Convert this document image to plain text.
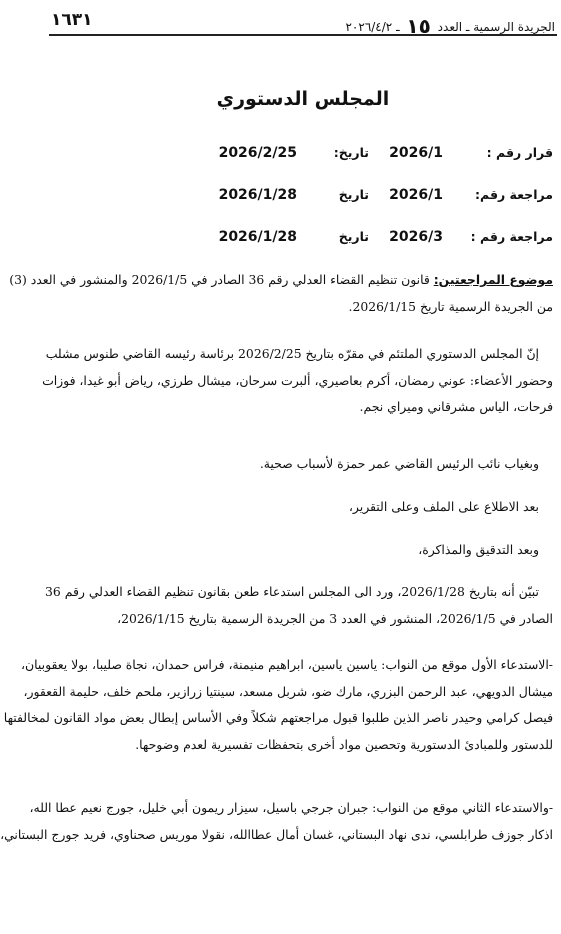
الجريدة الرسمية ـ العدد ١٥ ـ ٢٠٢٦/٤/٢
١٦٣١
المجلس الدستوري
قرار رقم :
2026/1
تاريخ:
2026/2/25
مراجعة رقم:
2026/1
تاريخ
2026/1/28
مراجعة رقم :
2026/3
تاريخ
2026/1/28
موضوع المراجعتين: قانون تنظيم القضاء العدلي رقم 36 الصادر في 2026/1/5 والمنشور في العدد (3)
من الجريدة الرسمية تاريخ 2026/1/15.
إنّ المجلس الدستوري الملتئم في مقرّه بتاريخ 2026/2/25 برئاسة رئيسه القاضي طنوس مشلب
وحضور الأعضاء: عوني رمضان، أكرم بعاصيري، ألبرت سرحان، ميشال طرزي، رياض أبو غيدا، فوزات
فرحات، الياس مشرقاني وميراي نجم.
وبغياب نائب الرئيس القاضي عمر حمزة لأسباب صحية.
بعد الاطلاع على الملف وعلى التقرير،
وبعد التدقيق والمذاكرة،
تبيّن أنه بتاريخ 2026/1/28، ورد الى المجلس استدعاء طعن بقانون تنظيم القضاء العدلي رقم 36
الصادر في 2026/1/5، المنشور في العدد 3 من الجريدة الرسمية بتاريخ 2026/1/15،
-الاستدعاء الأول موقع من النواب: ياسين ياسين، ابراهيم منيمنة، فراس حمدان، نجاة صليبا، بولا يعقوبيان،
ميشال الدويهي، عبد الرحمن البزري، مارك ضو، شربل مسعد، سينتيا زرازير، ملحم خلف، حليمة القعقور،
فيصل كرامي وحيدر ناصر الذين طلبوا قبول مراجعتهم شكلاً وفي الأساس إبطال بعض مواد القانون لمخالفتها
للدستور وللمبادئ الدستورية وتحصين مواد أخرى بتحفظات تفسيرية لعدم وضوحها.
-والاستدعاء الثاني موقع من النواب: جبران جرجي باسيل، سيزار ريمون أبي خليل، جورج نعيم عطا الله،
اذكار جوزف طرابلسي، ندى نهاد البستاني، غسان أمال عطاالله، نقولا موريس صحناوي، فريد جورج البستاني،
